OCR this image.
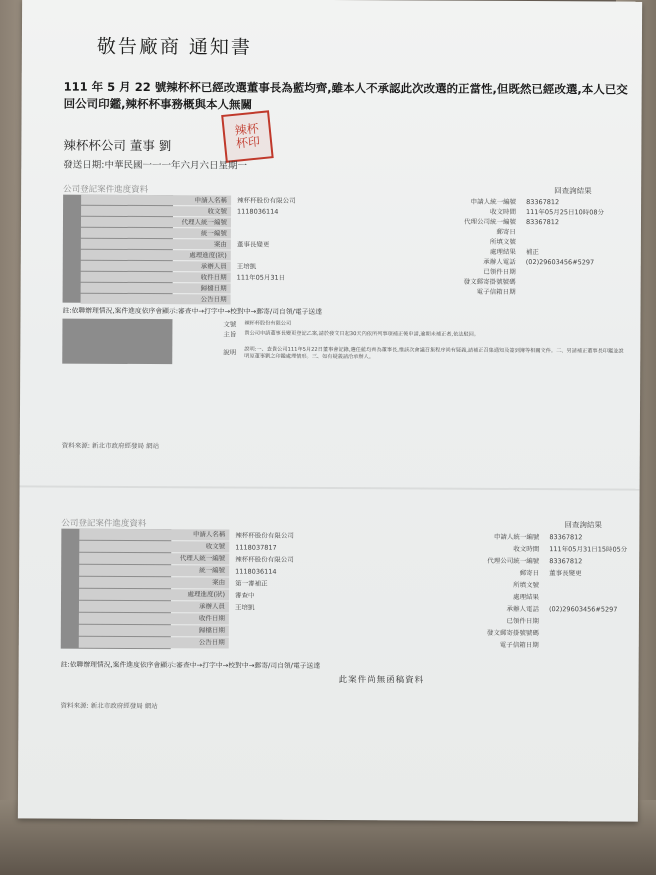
敬告廠商 通知書
111 年 5 月 22 號辣杯杯已經改選董事長為藍均齊,雖本人不承認此次改選的正當性,但既然已經改選,本人已交回公司印鑑,辣杯杯事務概與本人無關
辣杯杯公司 董事 劉
辣杯
杯印
發送日期:中華民國一一一年六月六日星期一
公司登記案件進度資料
申請人名稱
收文號
代理人統一編號
統一編號
案由
處理進度(狀)
承辦人員
收件日期
歸檔日期
公告日期
辣杯杯股份有限公司
1118036114
董事長變更
王培凱
111年05月31日
回查詢結果
申請人統一編號
收文時間
代理公司統一編號
郵寄日
所填文號
處理結果
承辦人電話
已領件日期
發文郵寄掛號號碼
電子信箱日期
83367812
111年05月25日10時08分
83367812
補正
(02)29603456#5297
註:依聯辦理情況,案件進度依序會顯示:審查中→打字中→校對中→郵寄/司自領/電子送達
文號
主旨
說明
辣杯杯股份有限公司
貴公司申請董事長變更登記乙案,請於發文日起30天內依所列事項補正後申請,逾期未補正者,依法駁回。
說明:一、查貴公司111年5月22日董事會記錄,選任藍均齊為董事長,惟該次會議召集程序尚有疑義,請補正召集通知及簽到簿等相關文件。二、另請補正董事長印鑑並說明原董事劉之印鑑處理情形。三、如有疑義請洽承辦人。
資料來源: 新北市政府經發局 網站
公司登記案件進度資料
申請人名稱
收文號
代理人統一編號
統一編號
案由
處理進度(狀)
承辦人員
收件日期
歸檔日期
公告日期
辣杯杯股份有限公司
1118037817
辣杯杯股份有限公司
1118036114
第一審補正
審查中
王培凱
回查詢結果
申請人統一編號
收文時間
代理公司統一編號
郵寄日
所填文號
處理結果
承辦人電話
已領件日期
發文郵寄掛號號碼
電子信箱日期
83367812
111年05月31日15時05分
83367812
董事長變更
(02)29603456#5297
註:依聯辦理情況,案件進度依序會顯示:審查中→打字中→校對中→郵寄/司自領/電子送達
此案件尚無函稿資料
資料來源: 新北市政府經發局 網站
